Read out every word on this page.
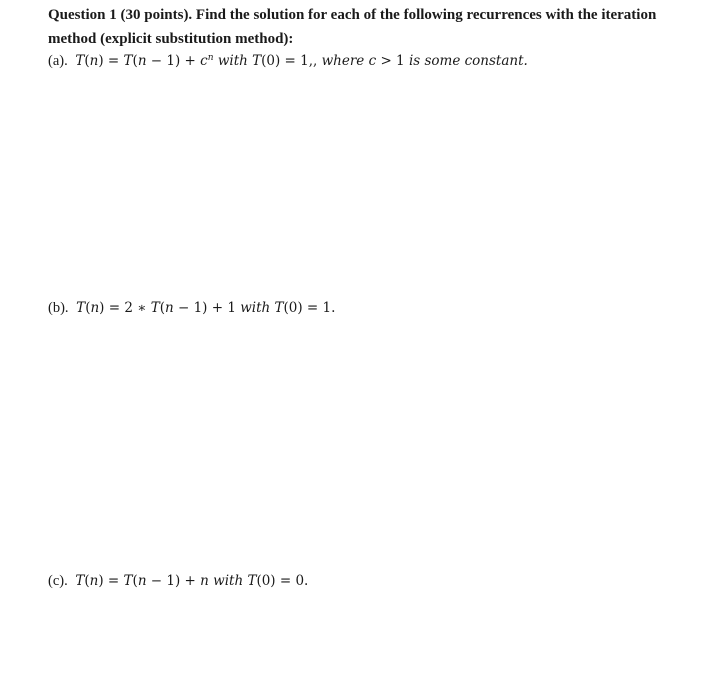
Question 1 (30 points). Find the solution for each of the following recurrences with the iteration method (explicit substitution method):
(a). $T(n) = T(n - 1) + c^n$ with T(0) = 1,, where c > 1 is some constant.
(b). T(n) = 2 ∗ T(n − 1) + 1 with T(0) = 1.
(c). T(n) = T(n − 1) + n with T(0) = 0.
